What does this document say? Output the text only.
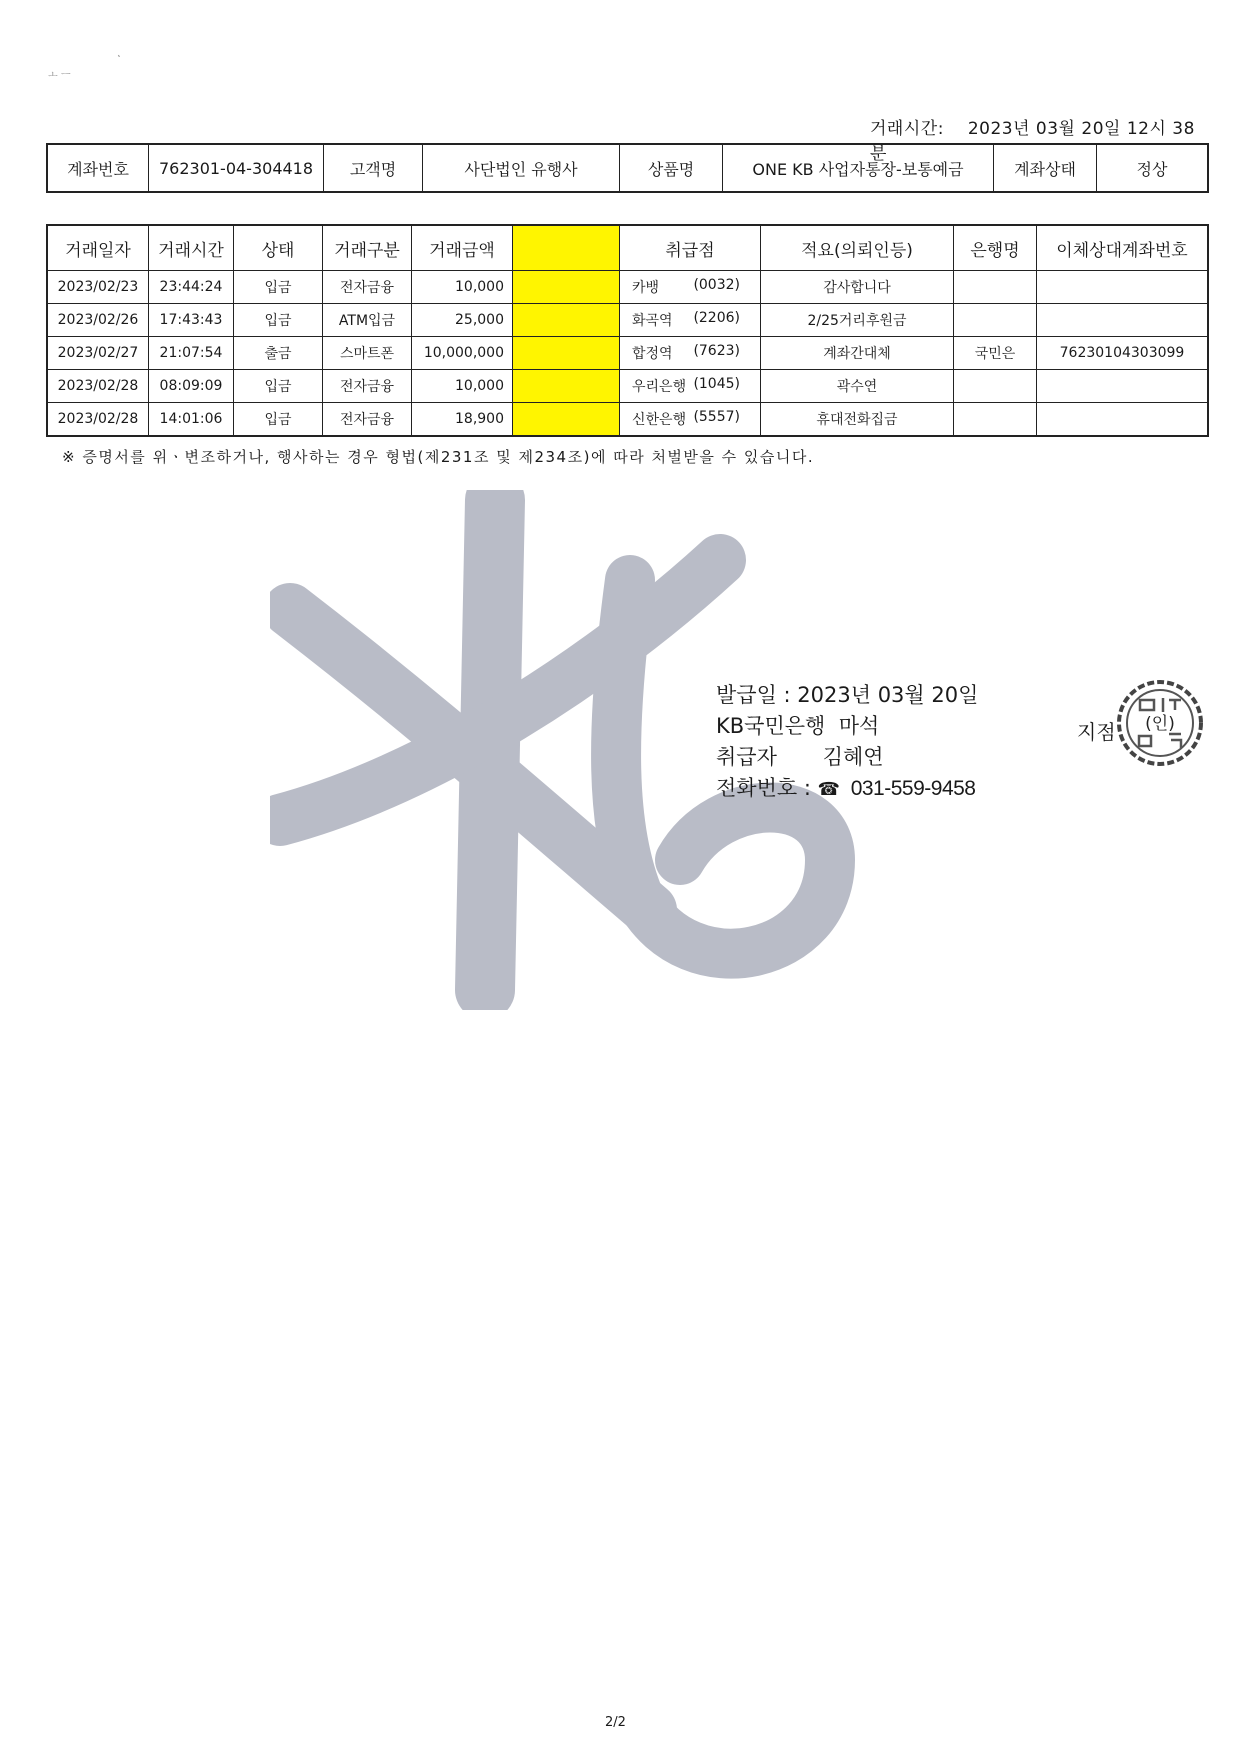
ㆍ
ㅗ ㅡ
거래시간: 2023년 03월 20일 12시 38분
계좌번호	762301-04-304418	고객명	사단법인 유행사	상품명	ONE KB 사업자통장-보통예금	계좌상태	정상
거래일자	거래시간	상태	거래구분	거래금액		취급점	적요(의뢰인등)	은행명	이체상대계좌번호
2023/02/23	23:44:24	입금	전자금융	10,000		카뱅 (0032)	감사합니다		
2023/02/26	17:43:43	입금	ATM입금	25,000		화곡역 (2206)	2/25거리후원금		
2023/02/27	21:07:54	출금	스마트폰	10,000,000		합정역 (7623)	계좌간대체	국민은	76230104303099
2023/02/28	08:09:09	입금	전자금융	10,000		우리은행 (1045)	곽수연		
2023/02/28	14:01:06	입금	전자금융	18,900		신한은행 (5557)	휴대전화집금		
※ 증명서를 위ㆍ변조하거나, 행사하는 경우 형법(제231조 및 제234조)에 따라 처벌받을 수 있습니다.
발급일 : 2023년 03월 20일
KB국민은행 마석
취급자 김혜연
전화번호 : ☎ 031-559-9458
지점 (인)
2/2
